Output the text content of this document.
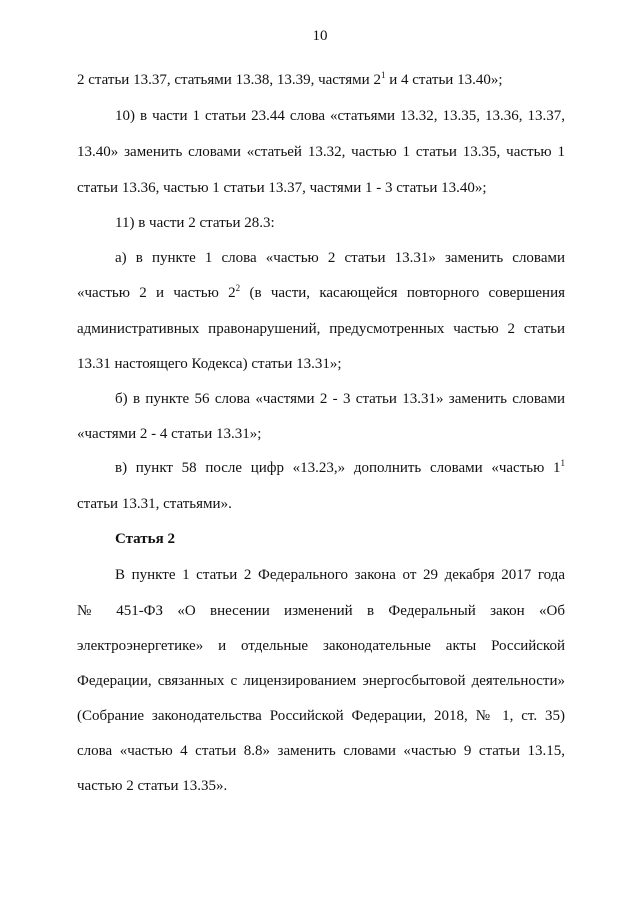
10
2 статьи 13.37, статьями 13.38, 13.39, частями $2^1$ и 4 статьи 13.40»;
10) в части 1 статьи 23.44 слова «статьями 13.32, 13.35, 13.36, 13.37,
13.40» заменить словами «статьей 13.32, частью 1 статьи 13.35, частью 1
статьи 13.36, частью 1 статьи 13.37, частями 1 - 3 статьи 13.40»;
11) в части 2 статьи 28.3:
а) в пункте 1 слова «частью 2 статьи 13.31» заменить словами
«частью 2 и частью $2^2$ (в части, касающейся повторного совершения
административных правонарушений, предусмотренных частью 2 статьи
13.31 настоящего Кодекса) статьи 13.31»;
б) в пункте 56 слова «частями 2 - 3 статьи 13.31» заменить словами
«частями 2 - 4 статьи 13.31»;
в) пункт 58 после цифр «13.23,» дополнить словами «частью $1^1$
статьи 13.31, статьями».
Статья 2
В пункте 1 статьи 2 Федерального закона от 29 декабря 2017 года
№ 451-ФЗ «О внесении изменений в Федеральный закон «Об
электроэнергетике» и отдельные законодательные акты Российской
Федерации, связанных с лицензированием энергосбытовой деятельности»
(Собрание законодательства Российской Федерации, 2018, № 1, ст. 35)
слова «частью 4 статьи 8.8» заменить словами «частью 9 статьи 13.15,
частью 2 статьи 13.35».
